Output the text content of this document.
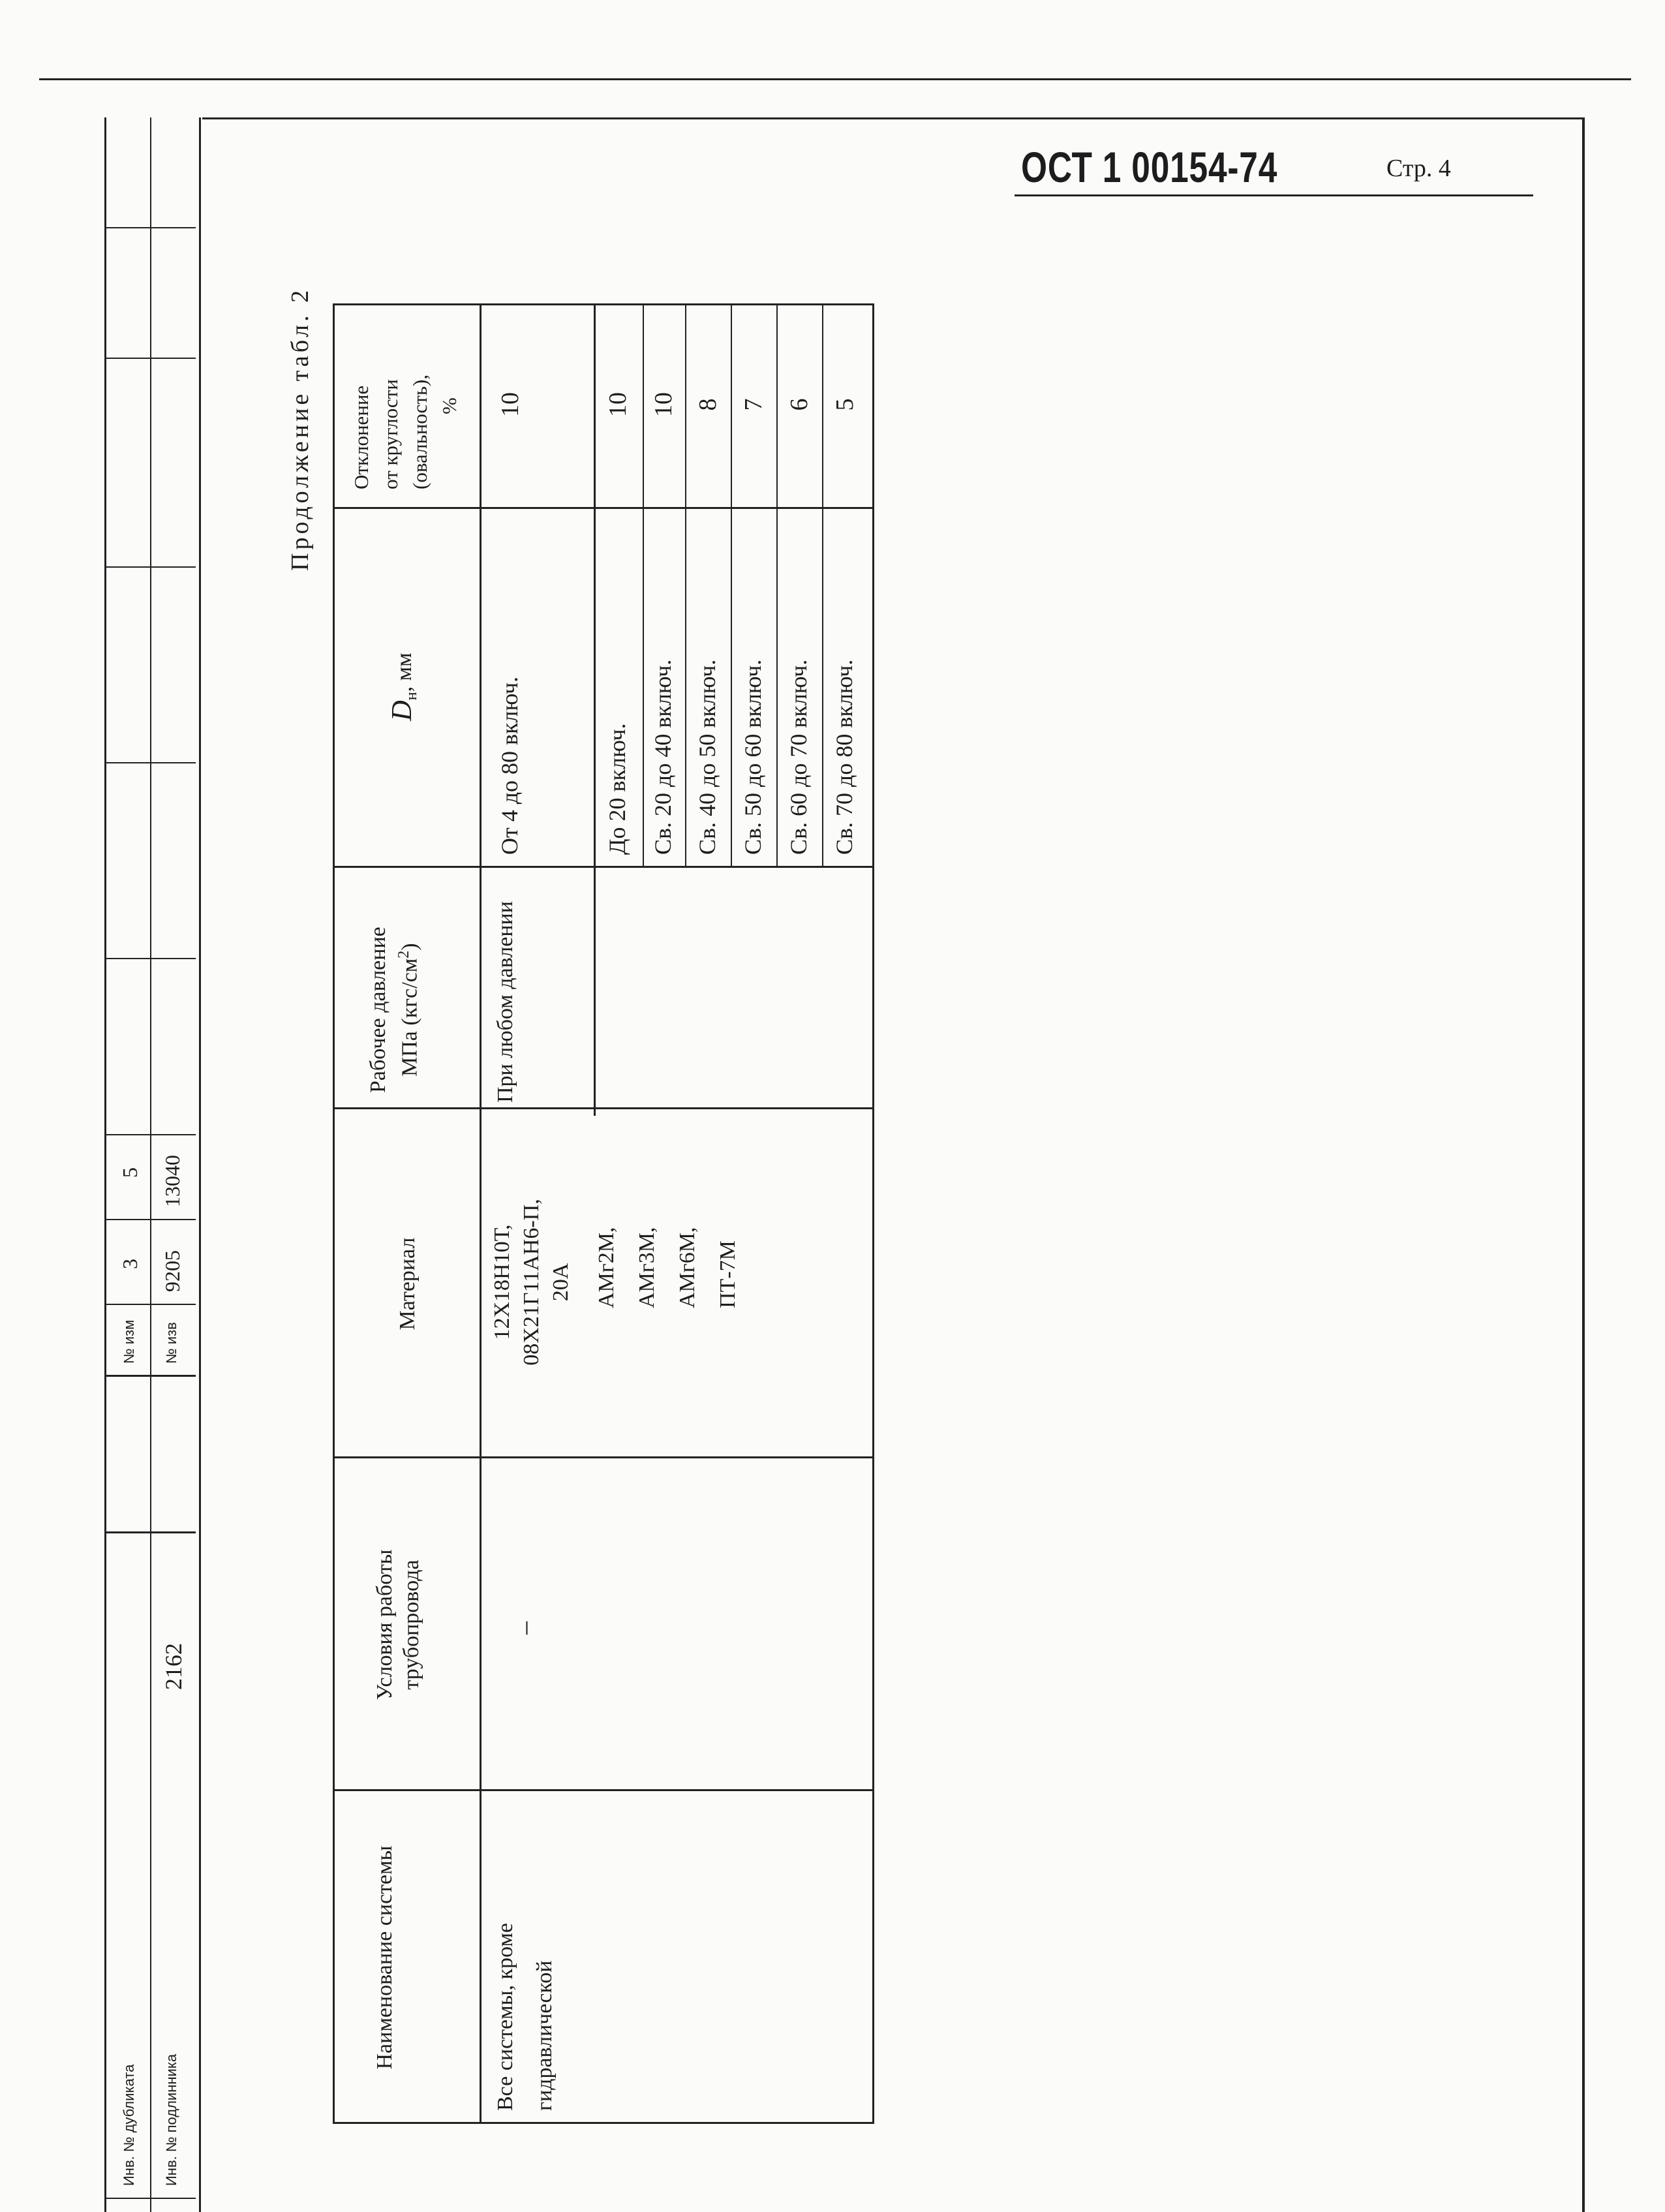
ОСТ 1 00154-74	Стр. 4
Инв. № дубликата Инв. № подлинника
2162
№ изм № изв
3 9205
5 13040
Продолжение табл. 2
Наименование системы
Условия работы трубопровода
Материал
Рабочее давление МПа $(кгс/см^2)$
$D_н$, мм
Отклонение от круглости (овальность), %
Все системы, кроме гидравлической
–
12Х18Н10Т, 08Х21Г11АН6-П, 20А АМг2М, АМг3М, АМг6М, ПТ-7М
При любом давлении
От 4 до 80 включ.
10
До 20 включ.
10
Св. 20 до 40 включ.
10
Св. 40 до 50 включ.
8
Св. 50 до 60 включ.
7
Св. 60 до 70 включ.
6
Св. 70 до 80 включ.
5
